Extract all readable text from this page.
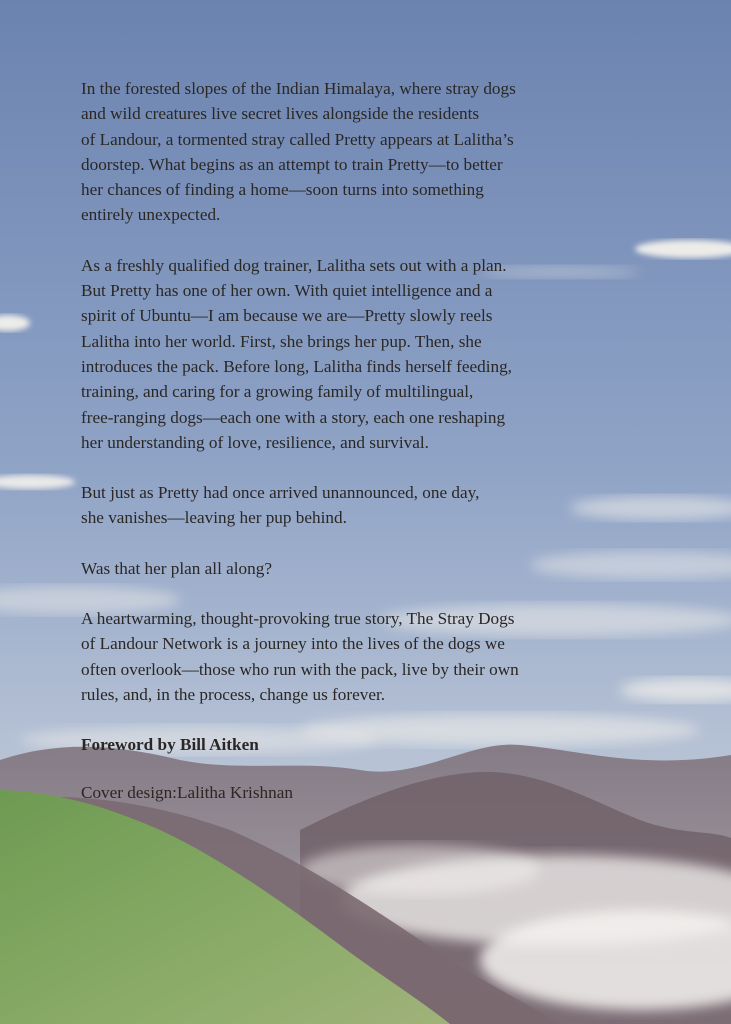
In the forested slopes of the Indian Himalaya, where stray dogs
and wild creatures live secret lives alongside the residents
of Landour, a tormented stray called Pretty appears at Lalitha’s
doorstep. What begins as an attempt to train Pretty—to better
her chances of finding a home—soon turns into something
entirely unexpected.

As a freshly qualified dog trainer, Lalitha sets out with a plan.
But Pretty has one of her own. With quiet intelligence and a
spirit of Ubuntu—I am because we are—Pretty slowly reels
Lalitha into her world. First, she brings her pup. Then, she
introduces the pack. Before long, Lalitha finds herself feeding,
training, and caring for a growing family of multilingual,
free-ranging dogs—each one with a story, each one reshaping
her understanding of love, resilience, and survival.

But just as Pretty had once arrived unannounced, one day,
she vanishes—leaving her pup behind.

Was that her plan all along?

A heartwarming, thought-provoking true story, The Stray Dogs
of Landour Network is a journey into the lives of the dogs we
often overlook—those who run with the pack, live by their own
rules, and, in the process, change us forever.

Foreword by Bill Aitken

Cover design:Lalitha Krishnan
